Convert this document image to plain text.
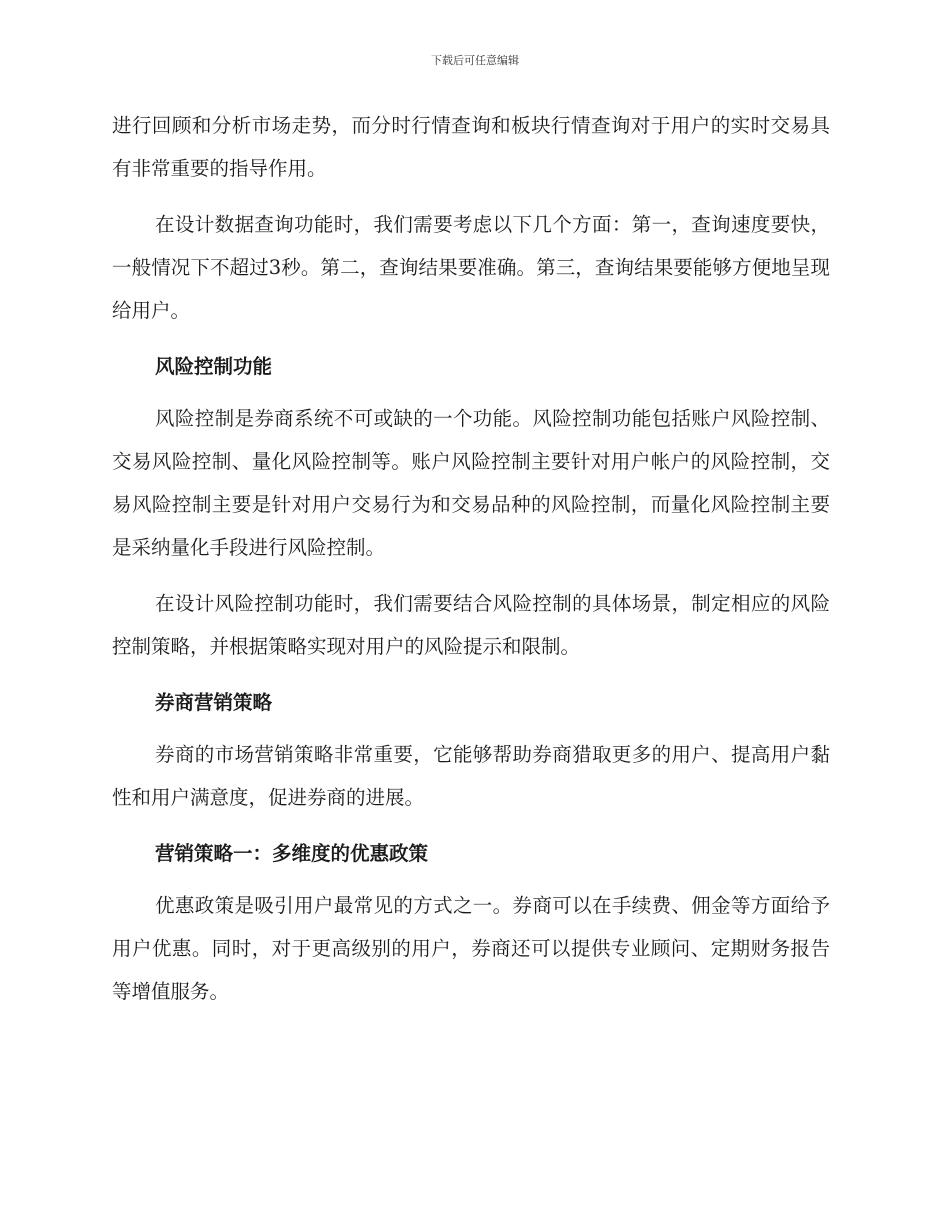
下载后可任意编辑

进行回顾和分析市场走势，而分时行情查询和板块行情查询对于用户的实时交易具有非常重要的指导作用。

在设计数据查询功能时，我们需要考虑以下几个方面：第一，查询速度要快，一般情况下不超过3秒。第二，查询结果要准确。第三，查询结果要能够方便地呈现给用户。

风险控制功能

风险控制是券商系统不可或缺的一个功能。风险控制功能包括账户风险控制、交易风险控制、量化风险控制等。账户风险控制主要针对用户帐户的风险控制，交易风险控制主要是针对用户交易行为和交易品种的风险控制，而量化风险控制主要是采纳量化手段进行风险控制。

在设计风险控制功能时，我们需要结合风险控制的具体场景，制定相应的风险控制策略，并根据策略实现对用户的风险提示和限制。

券商营销策略

券商的市场营销策略非常重要，它能够帮助券商猎取更多的用户、提高用户黏性和用户满意度，促进券商的进展。

营销策略一：多维度的优惠政策

优惠政策是吸引用户最常见的方式之一。券商可以在手续费、佣金等方面给予用户优惠。同时，对于更高级别的用户，券商还可以提供专业顾问、定期财务报告等增值服务。
